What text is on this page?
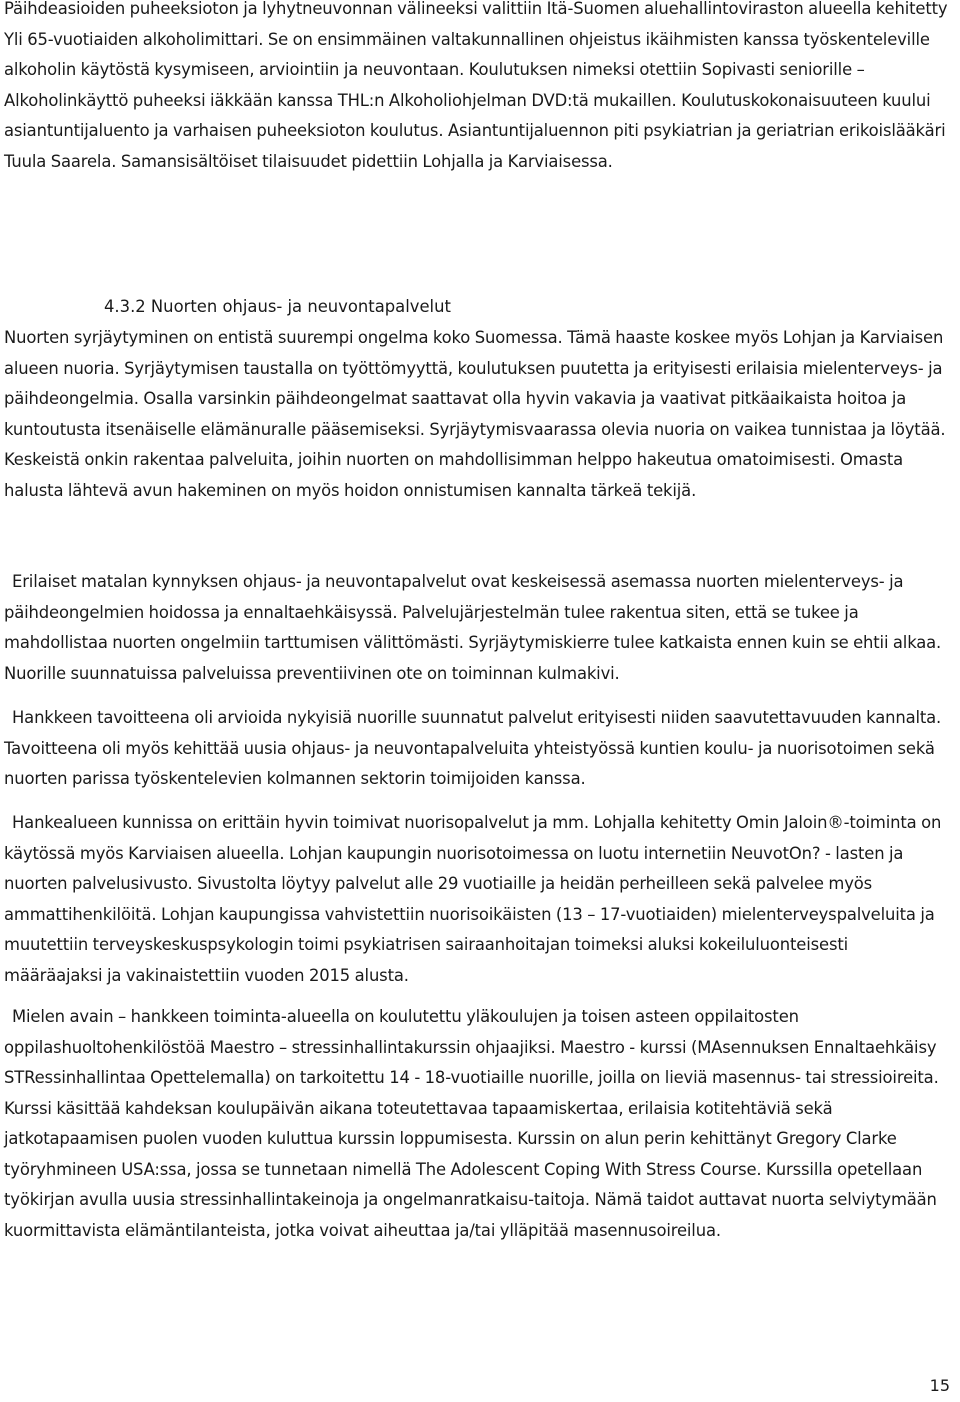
Päihdeasioiden puheeksioton ja lyhytneuvonnan välineeksi valittiin Itä-Suomen aluehallintoviraston alueella kehitetty Yli 65-vuotiaiden alkoholimittari. Se on ensimmäinen valtakunnallinen ohjeistus ikäihmisten kanssa työskenteleville alkoholin käytöstä kysymiseen, arviointiin ja neuvontaan. Koulutuksen nimeksi otettiin Sopivasti seniorille – Alkoholinkäyttö puheeksi iäkkään kanssa THL:n Alkoholiohjelman DVD:tä mukaillen. Koulutuskokonaisuuteen kuului asiantuntijaluento ja varhaisen puheeksioton koulutus. Asiantuntijaluennon piti psykiatrian ja geriatrian erikoislääkäri Tuula Saarela. Samansisältöiset tilaisuudet pidettiin Lohjalla ja Karviaisessa.

4.3.2 Nuorten ohjaus- ja neuvontapalvelut

Nuorten syrjäytyminen on entistä suurempi ongelma koko Suomessa. Tämä haaste koskee myös Lohjan ja Karviaisen alueen nuoria. Syrjäytymisen taustalla on työttömyyttä, koulutuksen puutetta ja erityisesti erilaisia mielenterveys- ja päihdeongelmia. Osalla varsinkin päihdeongelmat saattavat olla hyvin vakavia ja vaativat pitkäaikaista hoitoa ja kuntoutusta itsenäiselle elämänuralle pääsemiseksi. Syrjäytymisvaarassa olevia nuoria on vaikea tunnistaa ja löytää. Keskeistä onkin rakentaa palveluita, joihin nuorten on mahdollisimman helppo hakeutua omatoimisesti. Omasta halusta lähtevä avun hakeminen on myös hoidon onnistumisen kannalta tärkeä tekijä.

Erilaiset matalan kynnyksen ohjaus- ja neuvontapalvelut ovat keskeisessä asemassa nuorten mielenterveys- ja päihdeongelmien hoidossa ja ennaltaehkäisyssä. Palvelujärjestelmän tulee rakentua siten, että se tukee ja mahdollistaa nuorten ongelmiin tarttumisen välittömästi. Syrjäytymiskierre tulee katkaista ennen kuin se ehtii alkaa. Nuorille suunnatuissa palveluissa preventiivinen ote on toiminnan kulmakivi.

Hankkeen tavoitteena oli arvioida nykyisiä nuorille suunnatut palvelut erityisesti niiden saavutettavuuden kannalta. Tavoitteena oli myös kehittää uusia ohjaus- ja neuvontapalveluita yhteistyössä kuntien koulu- ja nuorisotoimen sekä nuorten parissa työskentelevien kolmannen sektorin toimijoiden kanssa.

Hankealueen kunnissa on erittäin hyvin toimivat nuorisopalvelut ja mm. Lohjalla kehitetty Omin Jaloin®-toiminta on käytössä myös Karviaisen alueella. Lohjan kaupungin nuorisotoimessa on luotu internetiin NeuvotOn? - lasten ja nuorten palvelusivusto. Sivustolta löytyy palvelut alle 29 vuotiaille ja heidän perheilleen sekä palvelee myös ammattihenkilöitä. Lohjan kaupungissa vahvistettiin nuorisoikäisten (13 – 17-vuotiaiden) mielenterveyspalveluita ja muutettiin terveyskeskuspsykologin toimi psykiatrisen sairaanhoitajan toimeksi aluksi kokeiluluonteisesti määräajaksi ja vakinaistettiin vuoden 2015 alusta.

Mielen avain – hankkeen toiminta-alueella on koulutettu yläkoulujen ja toisen asteen oppilaitosten oppilashuoltohenkilöstöä Maestro – stressinhallintakurssin ohjaajiksi. Maestro - kurssi (MAsennuksen Ennaltaehkäisy STRessinhallintaa Opettelemalla) on tarkoitettu 14 - 18-vuotiaille nuorille, joilla on lieviä masennus- tai stressioireita. Kurssi käsittää kahdeksan koulupäivän aikana toteutettavaa tapaamiskertaa, erilaisia kotitehtäviä sekä jatkotapaamisen puolen vuoden kuluttua kurssin loppumisesta. Kurssin on alun perin kehittänyt Gregory Clarke työryhmineen USA:ssa, jossa se tunnetaan nimellä The Adolescent Coping With Stress Course. Kurssilla opetellaan työkirjan avulla uusia stressinhallintakeinoja ja ongelmanratkaisu-taitoja. Nämä taidot auttavat nuorta selviytymään kuormittavista elämäntilanteista, jotka voivat aiheuttaa ja/tai ylläpitää masennusoireilua.

15
